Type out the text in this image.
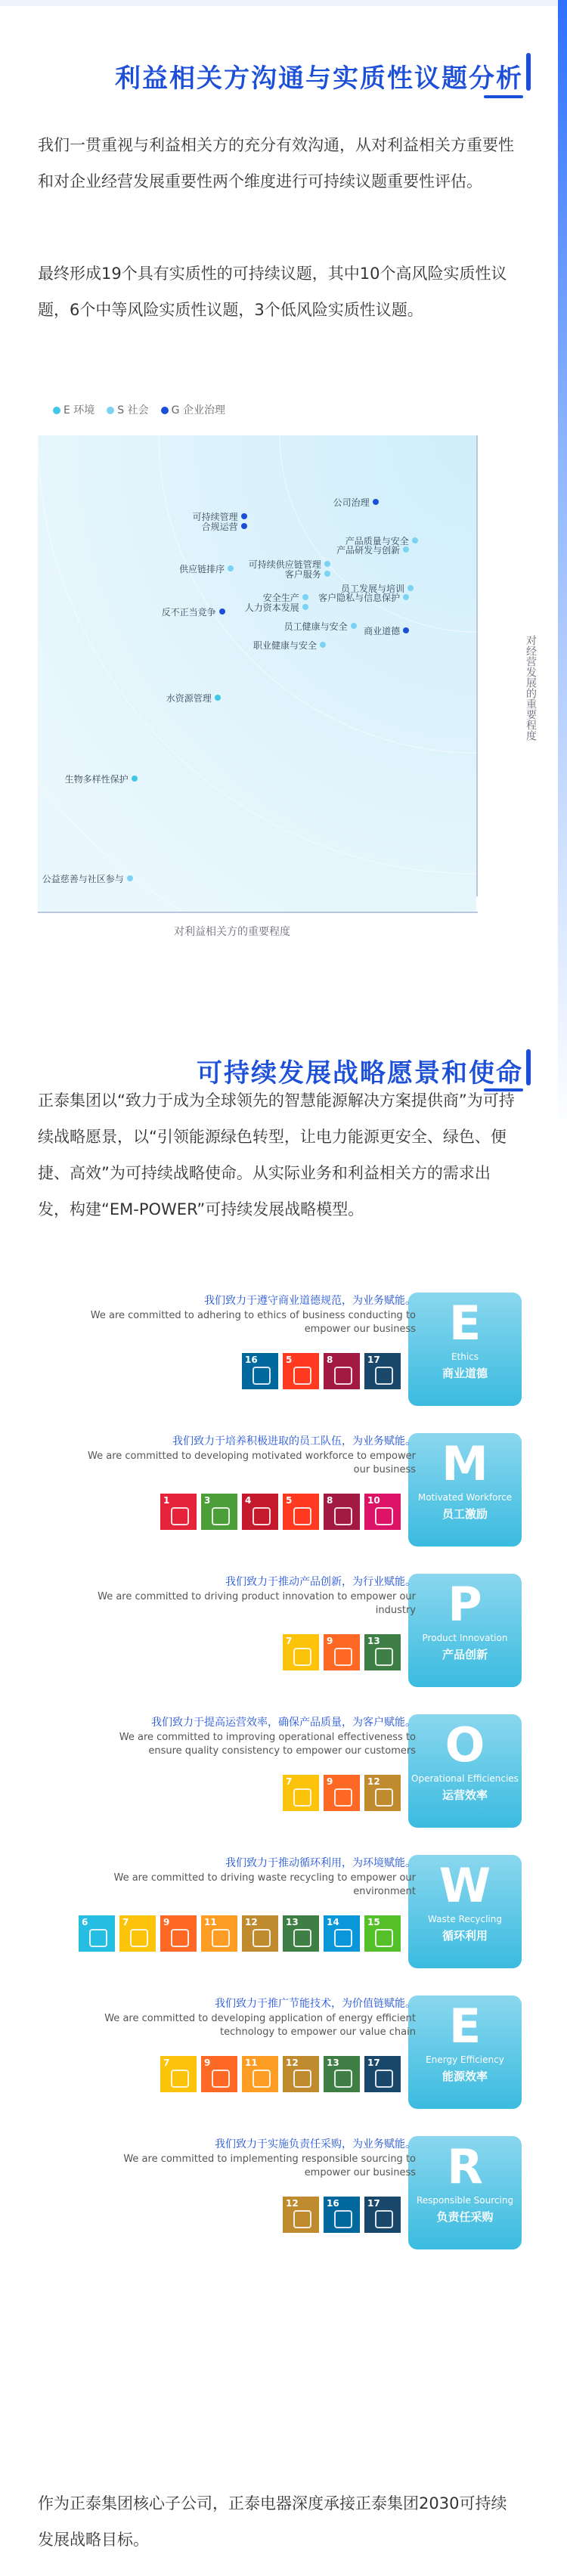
利益相关方沟通与实质性议题分析
我们一贯重视与利益相关方的充分有效沟通，从对利益相关方重要性和对企业经营发展重要性两个维度进行可持续议题重要性评估。
最终形成19个具有实质性的可持续议题，其中10个高风险实质性议题，6个中等风险实质性议题，3个低风险实质性议题。
E 环境	S 社会	G 企业治理
对经营发展的重要程度
对利益相关方的重要程度
公司治理
可持续管理
合规运营
产品质量与安全
产品研发与创新
可持续供应链管理
供应链排序	客户服务
员工发展与培训
客户隐私与信息保护
安全生产
人力资本发展
反不正当竞争
员工健康与安全 商业道德
职业健康与安全
水资源管理
生物多样性保护
公益慈善与社区参与
可持续发展战略愿景和使命
正泰集团以“致力于成为全球领先的智慧能源解决方案提供商”为可持续战略愿景，以“引领能源绿色转型，让电力能源更安全、绿色、便捷、高效”为可持续战略使命。从实际业务和利益相关方的需求出发，构建“EM-POWER”可持续发展战略模型。
E
Ethics
商业道德
我们致力于遵守商业道德规范，为业务赋能。
We are committed to adhering to ethics of business conducting to empower our business
16	5	8	17
M
Motivated Workforce
员工激励
我们致力于培养积极进取的员工队伍，为业务赋能。
We are committed to developing motivated workforce to empower our business
1	3	4	5	8	10
P
Product Innovation
产品创新
我们致力于推动产品创新，为行业赋能。
We are committed to driving product innovation to empower our industry
7	9	13
O
Operational Efficiencies
运营效率
我们致力于提高运营效率，确保产品质量，为客户赋能。
We are committed to improving operational effectiveness to ensure quality consistency to empower our customers
7	9	12
W
Waste Recycling
循环利用
我们致力于推动循环利用，为环境赋能。
We are committed to driving waste recycling to empower our environment
6	7	9	11	12	13	14	15
E
Energy Efficiency
能源效率
我们致力于推广节能技术，为价值链赋能。
We are committed to developing application of energy efficient technology to empower our value chain
7	9	11	12	13	17
R
Responsible Sourcing
负责任采购
我们致力于实施负责任采购，为业务赋能。
We are committed to implementing responsible sourcing to empower our business
12	16	17
作为正泰集团核心子公司，正泰电器深度承接正泰集团2030可持续发展战略目标。
